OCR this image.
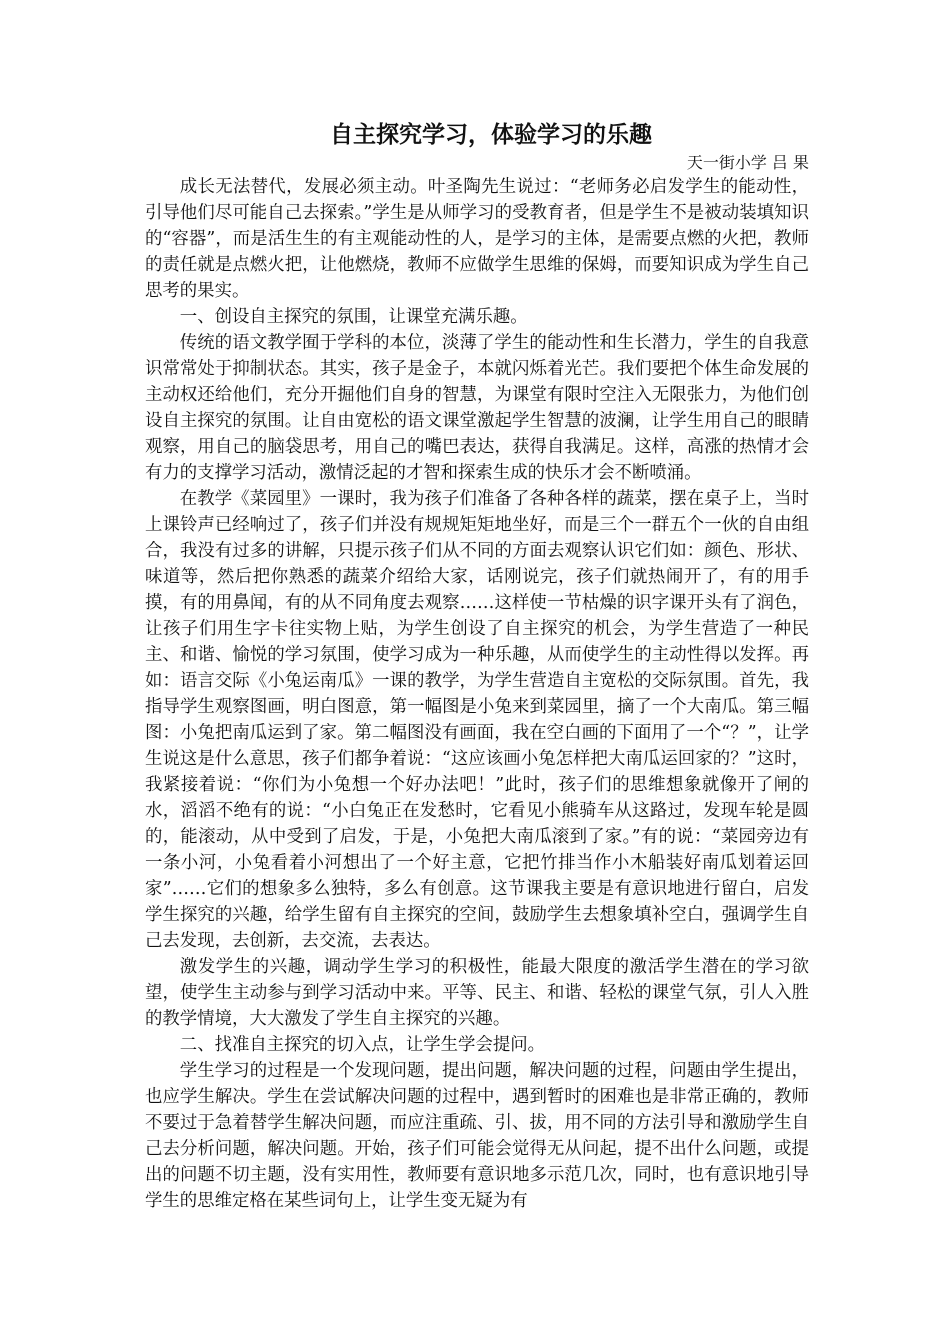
自主探究学习，体验学习的乐趣

天一街小学 吕 果

成长无法替代，发展必须主动。叶圣陶先生说过：“老师务必启发学生的能动性，引导他们尽可能自己去探索。”学生是从师学习的受教育者，但是学生不是被动装填知识的“容器”，而是活生生的有主观能动性的人，是学习的主体，是需要点燃的火把，教师的责任就是点燃火把，让他燃烧，教师不应做学生思维的保姆，而要知识成为学生自己思考的果实。

一、创设自主探究的氛围，让课堂充满乐趣。

传统的语文教学囿于学科的本位，淡薄了学生的能动性和生长潜力，学生的自我意识常常处于抑制状态。其实，孩子是金子，本就闪烁着光芒。我们要把个体生命发展的主动权还给他们，充分开掘他们自身的智慧，为课堂有限时空注入无限张力，为他们创设自主探究的氛围。让自由宽松的语文课堂激起学生智慧的波澜，让学生用自己的眼睛观察，用自己的脑袋思考，用自己的嘴巴表达，获得自我满足。这样，高涨的热情才会有力的支撑学习活动，激情泛起的才智和探索生成的快乐才会不断喷涌。

在教学《菜园里》一课时，我为孩子们准备了各种各样的蔬菜，摆在桌子上，当时上课铃声已经响过了，孩子们并没有规规矩矩地坐好，而是三个一群五个一伙的自由组合，我没有过多的讲解，只提示孩子们从不同的方面去观察认识它们如：颜色、形状、味道等，然后把你熟悉的蔬菜介绍给大家，话刚说完，孩子们就热闹开了，有的用手摸，有的用鼻闻，有的从不同角度去观察……这样使一节枯燥的识字课开头有了润色，让孩子们用生字卡往实物上贴，为学生创设了自主探究的机会，为学生营造了一种民主、和谐、愉悦的学习氛围，使学习成为一种乐趣，从而使学生的主动性得以发挥。再如：语言交际《小兔运南瓜》一课的教学，为学生营造自主宽松的交际氛围。首先，我指导学生观察图画，明白图意，第一幅图是小兔来到菜园里，摘了一个大南瓜。第三幅图：小兔把南瓜运到了家。第二幅图没有画面，我在空白画的下面用了一个“？”，让学生说这是什么意思，孩子们都争着说：“这应该画小兔怎样把大南瓜运回家的？”这时，我紧接着说：“你们为小兔想一个好办法吧！”此时，孩子们的思维想象就像开了闸的水，滔滔不绝有的说：“小白兔正在发愁时，它看见小熊骑车从这路过，发现车轮是圆的，能滚动，从中受到了启发，于是，小兔把大南瓜滚到了家。”有的说：“菜园旁边有一条小河，小兔看着小河想出了一个好主意，它把竹排当作小木船装好南瓜划着运回家”……它们的想象多么独特，多么有创意。这节课我主要是有意识地进行留白，启发学生探究的兴趣，给学生留有自主探究的空间，鼓励学生去想象填补空白，强调学生自己去发现，去创新，去交流，去表达。

激发学生的兴趣，调动学生学习的积极性，能最大限度的激活学生潜在的学习欲望，使学生主动参与到学习活动中来。平等、民主、和谐、轻松的课堂气氛，引人入胜的教学情境，大大激发了学生自主探究的兴趣。

二、找准自主探究的切入点，让学生学会提问。

学生学习的过程是一个发现问题，提出问题，解决问题的过程，问题由学生提出，也应学生解决。学生在尝试解决问题的过程中，遇到暂时的困难也是非常正确的，教师不要过于急着替学生解决问题，而应注重疏、引、拔，用不同的方法引导和激励学生自己去分析问题，解决问题。开始，孩子们可能会觉得无从问起，提不出什么问题，或提出的问题不切主题，没有实用性，教师要有意识地多示范几次，同时，也有意识地引导学生的思维定格在某些词句上，让学生变无疑为有
